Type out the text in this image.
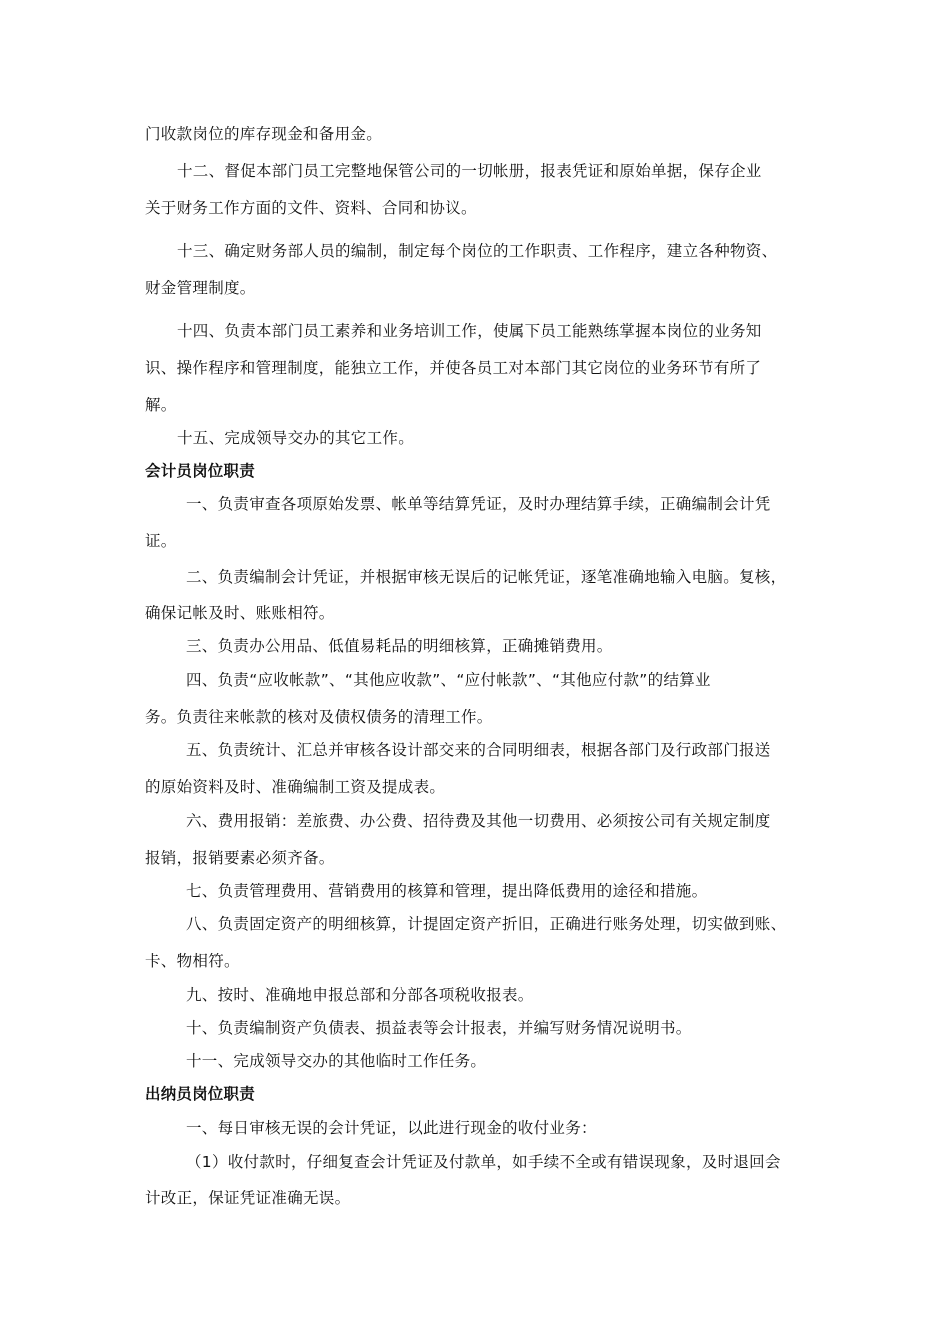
门收款岗位的库存现金和备用金。
十二、督促本部门员工完整地保管公司的一切帐册，报表凭证和原始单据，保存企业
关于财务工作方面的文件、资料、合同和协议。
十三、确定财务部人员的编制，制定每个岗位的工作职责、工作程序，建立各种物资、
财金管理制度。
十四、负责本部门员工素养和业务培训工作，使属下员工能熟练掌握本岗位的业务知
识、操作程序和管理制度，能独立工作，并使各员工对本部门其它岗位的业务环节有所了
解。
十五、完成领导交办的其它工作。
会计员岗位职责
一、负责审查各项原始发票、帐单等结算凭证，及时办理结算手续，正确编制会计凭
证。
二、负责编制会计凭证，并根据审核无误后的记帐凭证，逐笔准确地输入电脑。复核，
确保记帐及时、账账相符。
三、负责办公用品、低值易耗品的明细核算，正确摊销费用。
四、负责“应收帐款”、“其他应收款”、“应付帐款”、“其他应付款”的结算业
务。负责往来帐款的核对及债权债务的清理工作。
五、负责统计、汇总并审核各设计部交来的合同明细表，根据各部门及行政部门报送
的原始资料及时、准确编制工资及提成表。
六、费用报销：差旅费、办公费、招待费及其他一切费用、必须按公司有关规定制度
报销，报销要素必须齐备。
七、负责管理费用、营销费用的核算和管理，提出降低费用的途径和措施。
八、负责固定资产的明细核算，计提固定资产折旧，正确进行账务处理，切实做到账、
卡、物相符。
九、按时、准确地申报总部和分部各项税收报表。
十、负责编制资产负债表、损益表等会计报表，并编写财务情况说明书。
十一、完成领导交办的其他临时工作任务。
出纳员岗位职责
一、每日审核无误的会计凭证，以此进行现金的收付业务：
（1）收付款时，仔细复查会计凭证及付款单，如手续不全或有错误现象，及时退回会
计改正，保证凭证准确无误。
